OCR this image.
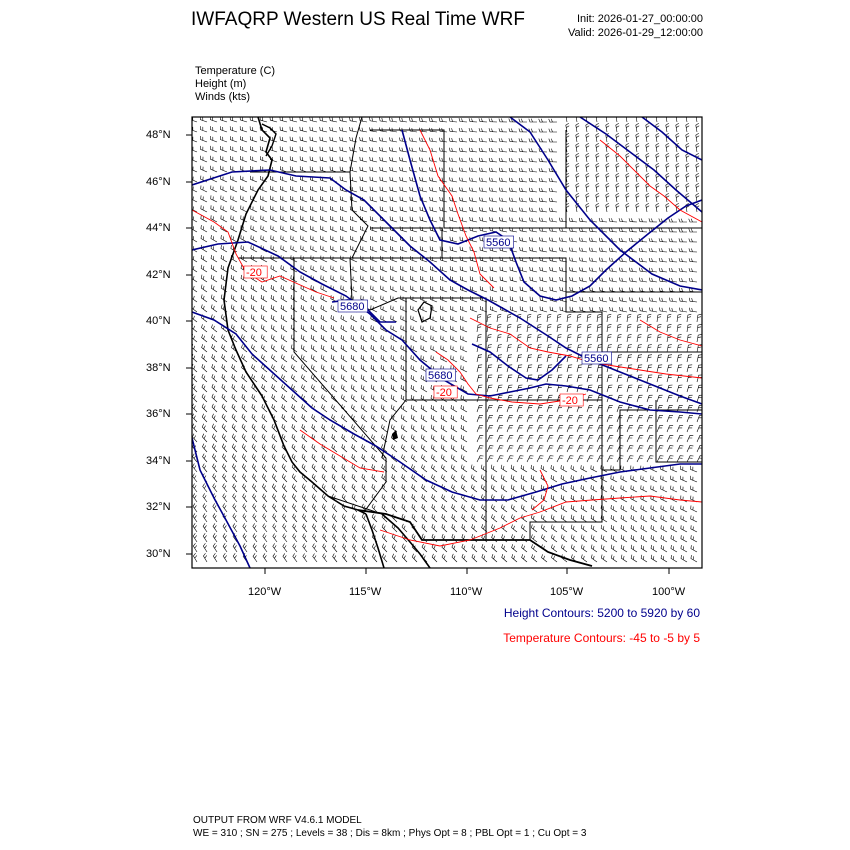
IWFAQRP Western US Real Time WRF	Init: 2026-01-27_00:00:00
Valid: 2026-01-29_12:00:00
Temperature (C)
Height (m)
Winds (kts)
5560
5680
5680
5560
-20
-20
-20
48°N
46°N
44°N
42°N
40°N
38°N
36°N
34°N
32°N
30°N
120°W	115°W	110°W	105°W	100°W
Height Contours: 5200 to 5920 by 60
Temperature Contours: -45 to -5 by 5
OUTPUT FROM WRF V4.6.1 MODEL
WE = 310 ; SN = 275 ; Levels = 38 ; Dis = 8km ; Phys Opt = 8 ; PBL Opt = 1 ; Cu Opt = 3
